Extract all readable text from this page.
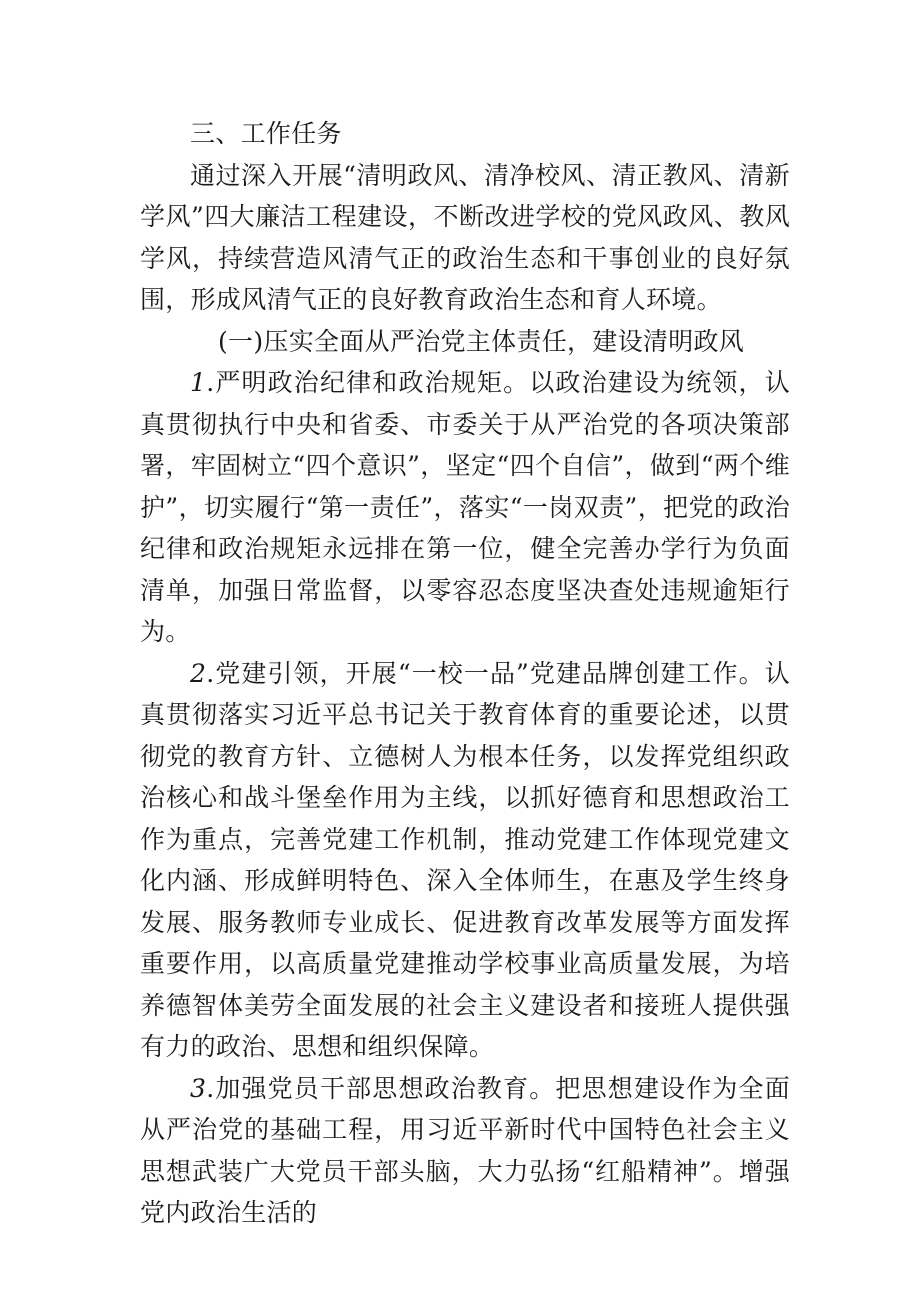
三、工作任务

通过深入开展“清明政风、清净校风、清正教风、清新学风”四大廉洁工程建设，不断改进学校的党风政风、教风学风，持续营造风清气正的政治生态和干事创业的良好氛围，形成风清气正的良好教育政治生态和育人环境。

(一)压实全面从严治党主体责任，建设清明政风

1.严明政治纪律和政治规矩。以政治建设为统领，认真贯彻执行中央和省委、市委关于从严治党的各项决策部署，牢固树立“四个意识”，坚定“四个自信”，做到“两个维护”，切实履行“第一责任”，落实“一岗双责”，把党的政治纪律和政治规矩永远排在第一位，健全完善办学行为负面清单，加强日常监督，以零容忍态度坚决查处违规逾矩行为。

2.党建引领，开展“一校一品”党建品牌创建工作。认真贯彻落实习近平总书记关于教育体育的重要论述，以贯彻党的教育方针、立德树人为根本任务，以发挥党组织政治核心和战斗堡垒作用为主线，以抓好德育和思想政治工作为重点，完善党建工作机制，推动党建工作体现党建文化内涵、形成鲜明特色、深入全体师生，在惠及学生终身发展、服务教师专业成长、促进教育改革发展等方面发挥重要作用，以高质量党建推动学校事业高质量发展，为培养德智体美劳全面发展的社会主义建设者和接班人提供强有力的政治、思想和组织保障。

3.加强党员干部思想政治教育。把思想建设作为全面从严治党的基础工程，用习近平新时代中国特色社会主义思想武装广大党员干部头脑，大力弘扬“红船精神”。增强党内政治生活的
